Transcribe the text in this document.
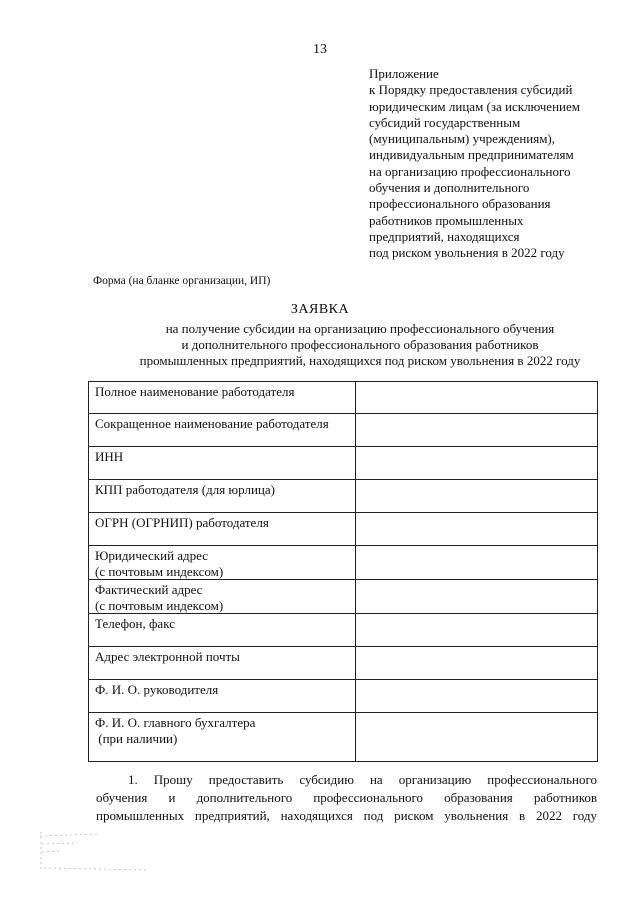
13
Приложение
к Порядку предоставления субсидий
юридическим лицам (за исключением
субсидий государственным
(муниципальным) учреждениям),
индивидуальным предпринимателям
на организацию профессионального
обучения и дополнительного
профессионального образования
работников промышленных
предприятий, находящихся
под риском увольнения в 2022 году
Форма (на бланке организации, ИП)
ЗАЯВКА
на получение субсидии на организацию профессионального обучения
и дополнительного профессионального образования работников
промышленных предприятий, находящихся под риском увольнения в 2022 году
Полное наименование работодателя	
Сокращенное наименование работодателя	
ИНН	
КПП работодателя (для юрлица)	
ОГРН (ОГРНИП) работодателя	

Юридический адрес
(с почтовым индексом)	

Фактический адрес
(с почтовым индексом)	

Телефон, факс	
Адрес электронной почты	
Ф. И. О. руководителя	

Ф. И. О. главного бухгалтера
(при наличии)	

1. Прошу предоставить субсидию на организацию профессионального
обучения и дополнительного профессионального образования работников
промышленных предприятий, находящихся под риском увольнения в 2022 году
